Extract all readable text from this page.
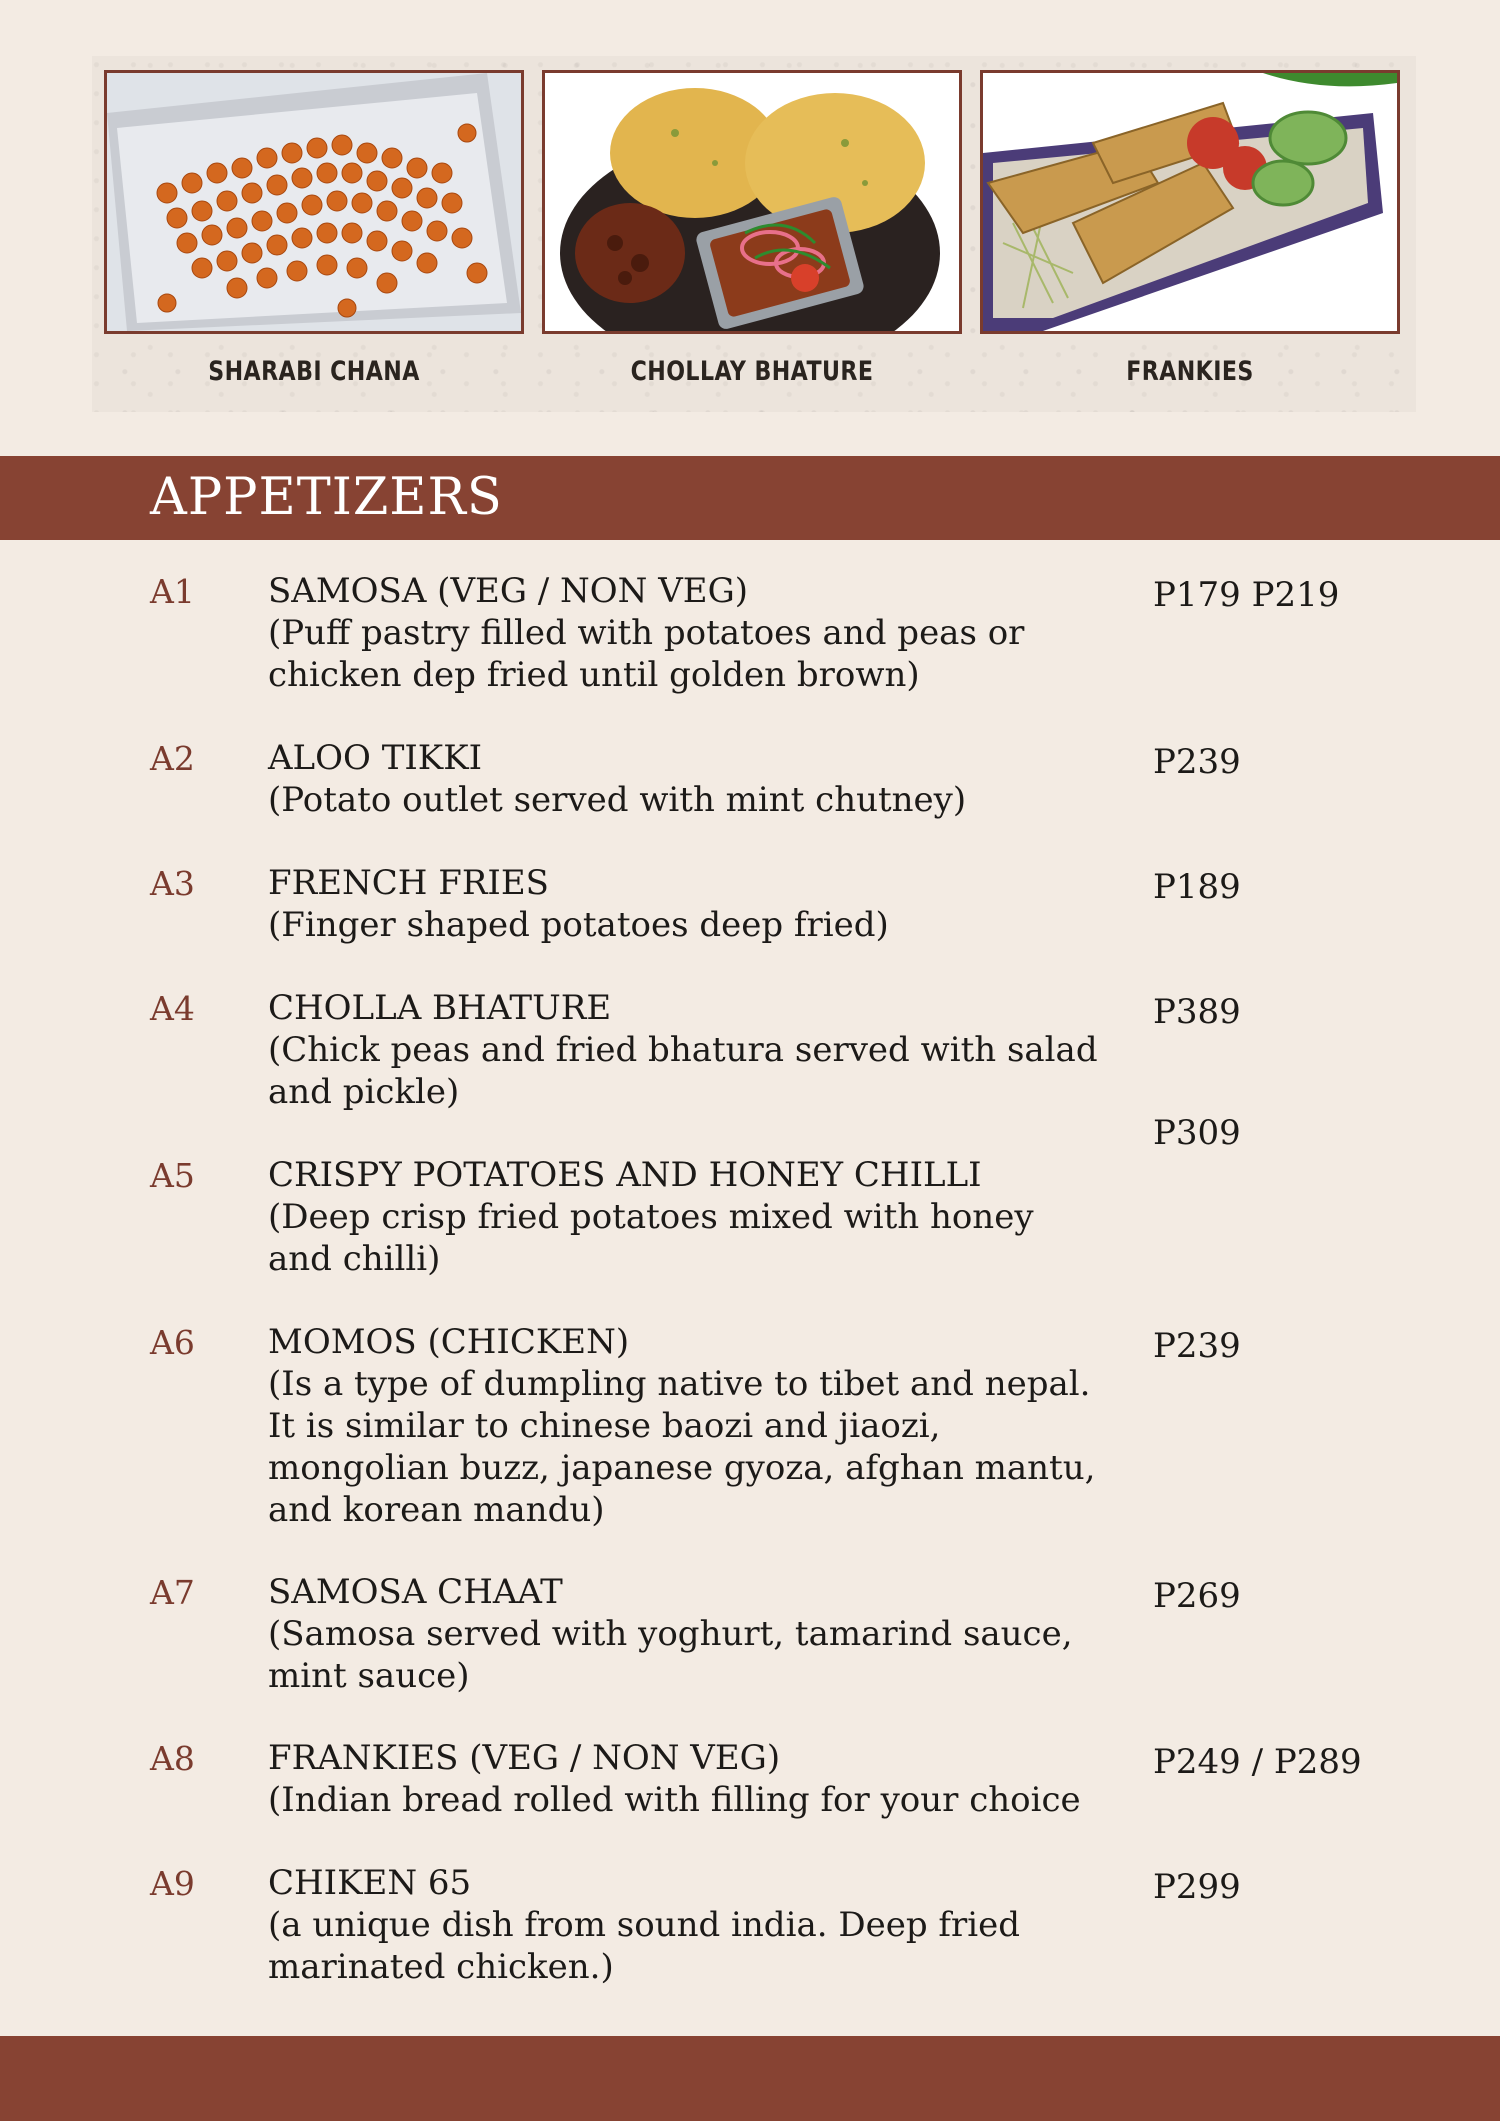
SHARABI CHANA	CHOLLAY BHATURE	FRANKIES
APPETIZERS
A1 SAMOSA (VEG / NON VEG)
(Puff pastry filled with potatoes and peas or chicken dep fried until golden brown)
P179 P219
A2 ALOO TIKKI
(Potato outlet served with mint chutney)
P239
A3 FRENCH FRIES
(Finger shaped potatoes deep fried)
P189
A4 CHOLLA BHATURE
(Chick peas and fried bhatura served with salad and pickle)
P389
A5 CRISPY POTATOES AND HONEY CHILLI
(Deep crisp fried potatoes mixed with honey and chilli)
P309
A6 MOMOS (CHICKEN)
(Is a type of dumpling native to tibet and nepal. It is similar to chinese baozi and jiaozi, mongolian buzz, japanese gyoza, afghan mantu, and korean mandu)
P239
A7 SAMOSA CHAAT
(Samosa served with yoghurt, tamarind sauce, mint sauce)
P269
A8 FRANKIES (VEG / NON VEG)
(Indian bread rolled with filling for your choice
P249 / P289
A9 CHIKEN 65
(a unique dish from sound india. Deep fried marinated chicken.)
P299
